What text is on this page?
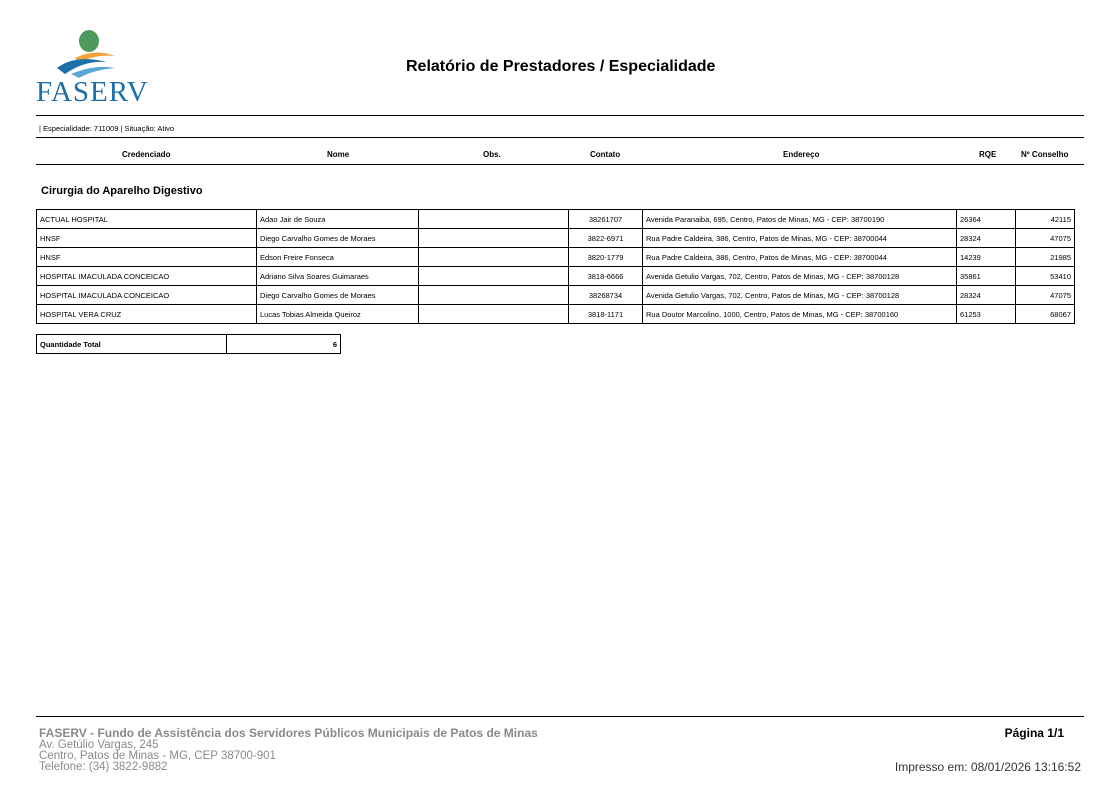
FASERV
Relatório de Prestadores / Especialidade
| Especialidade: 711009 | Situação: Ativo
Credenciado	Nome	Obs.	Contato	Endereço	RQE	Nº Conselho
Cirurgia do Aparelho Digestivo
ACTUAL HOSPITAL	Adao Jair de Souza		38261707	Avenida Paranaiba, 695, Centro, Patos de Minas, MG - CEP: 38700190	26364	42115
HNSF	Diego Carvalho Gomes de Moraes		3822-6971	Rua Padre Caldeira, 386, Centro, Patos de Minas, MG - CEP: 38700044	28324	47075
HNSF	Edson Freire Fonseca		3820-1779	Rua Padre Caldeira, 386, Centro, Patos de Minas, MG - CEP: 38700044	14239	21985
HOSPITAL IMACULADA CONCEICAO	Adriano Silva Soares Guimaraes		3818-6666	Avenida Getulio Vargas, 702, Centro, Patos de Minas, MG - CEP: 38700128	35861	53410
HOSPITAL IMACULADA CONCEICAO	Diego Carvalho Gomes de Moraes		38268734	Avenida Getulio Vargas, 702, Centro, Patos de Minas, MG - CEP: 38700128	28324	47075
HOSPITAL VERA CRUZ	Lucas Tobias Almeida Queiroz		3818-1171	Rua Doutor Marcolino, 1000, Centro, Patos de Minas, MG - CEP: 38700160	61253	68067
Quantidade Total	6
FASERV - Fundo de Assistência dos Servidores Públicos Municipais de Patos de Minas
Av. Getúlio Vargas, 245
Centro, Patos de Minas - MG, CEP 38700-901
Telefone: (34) 3822-9882
Página 1/1
Impresso em: 08/01/2026 13:16:52
